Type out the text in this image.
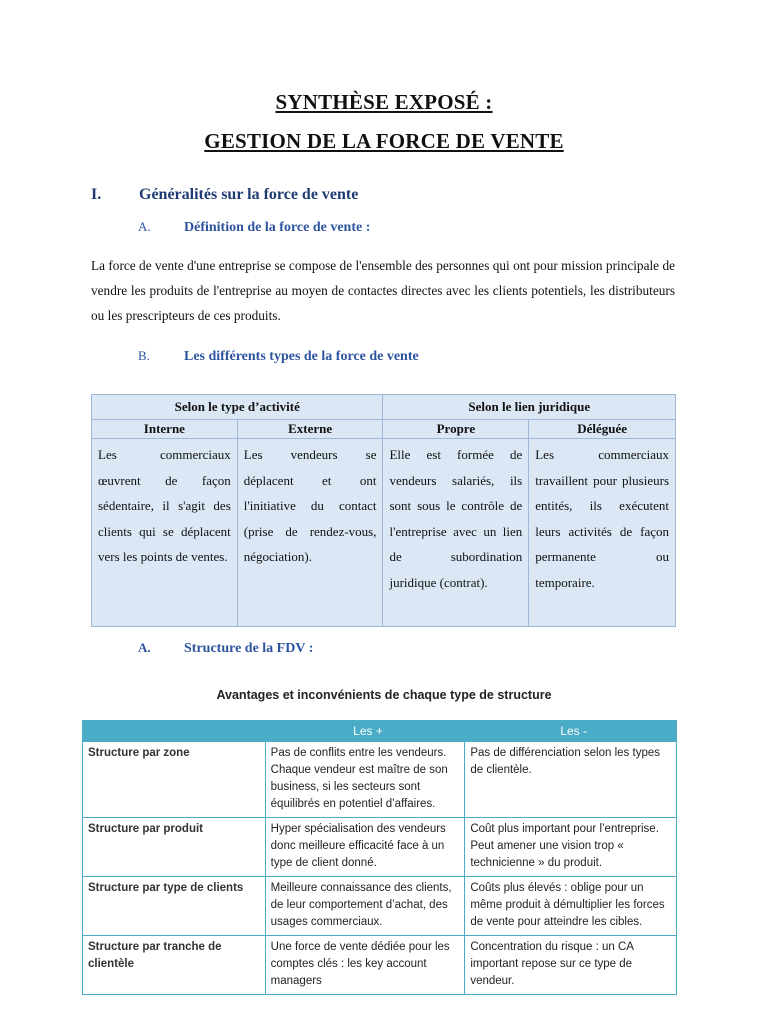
SYNTHÈSE EXPOSÉ :
GESTION DE LA FORCE DE VENTE
I. Généralités sur la force de vente
A. Définition de la force de vente :
La force de vente d'une entreprise se compose de l'ensemble des personnes qui ont pour mission principale de vendre les produits de l'entreprise au moyen de contactes directes avec les clients potentiels, les distributeurs ou les prescripteurs de ces produits.
B. Les différents types de la force de vente
Selon le type d’activité		Selon le lien juridique	
Interne	Externe	Propre	Déléguée

Les commerciaux œuvrent de façon sédentaire, il s'agit des clients qui se déplacent vers les points de ventes.	Les vendeurs se déplacent et ont l'initiative du contact (prise de rendez-vous, négociation).	Elle est formée de vendeurs salariés, ils sont sous le contrôle de l'entreprise avec un lien de subordination juridique (contrat).	Les commerciaux travaillent pour plusieurs entités, ils exécutent leurs activités de façon permanente ou temporaire.
A. Structure de la FDV :
Avantages et inconvénients de chaque type de structure
	Les +	Les -
Structure par zone	Pas de conflits entre les vendeurs. Chaque vendeur est maître de son business, si les secteurs sont équilibrés en potentiel d’affaires.	Pas de différenciation selon les types de clientèle.
Structure par produit	Hyper spécialisation des vendeurs donc meilleure efficacité face à un type de client donné.	Coût plus important pour l’entreprise. Peut amener une vision trop « technicienne » du produit.
Structure par type de clients	Meilleure connaissance des clients, de leur comportement d’achat, des usages commerciaux.	Coûts plus élevés : oblige pour un même produit à démultiplier les forces de vente pour atteindre les cibles.
Structure par tranche de clientèle	Une force de vente dédiée pour les comptes clés : les key account managers	Concentration du risque : un CA important repose sur ce type de vendeur.
